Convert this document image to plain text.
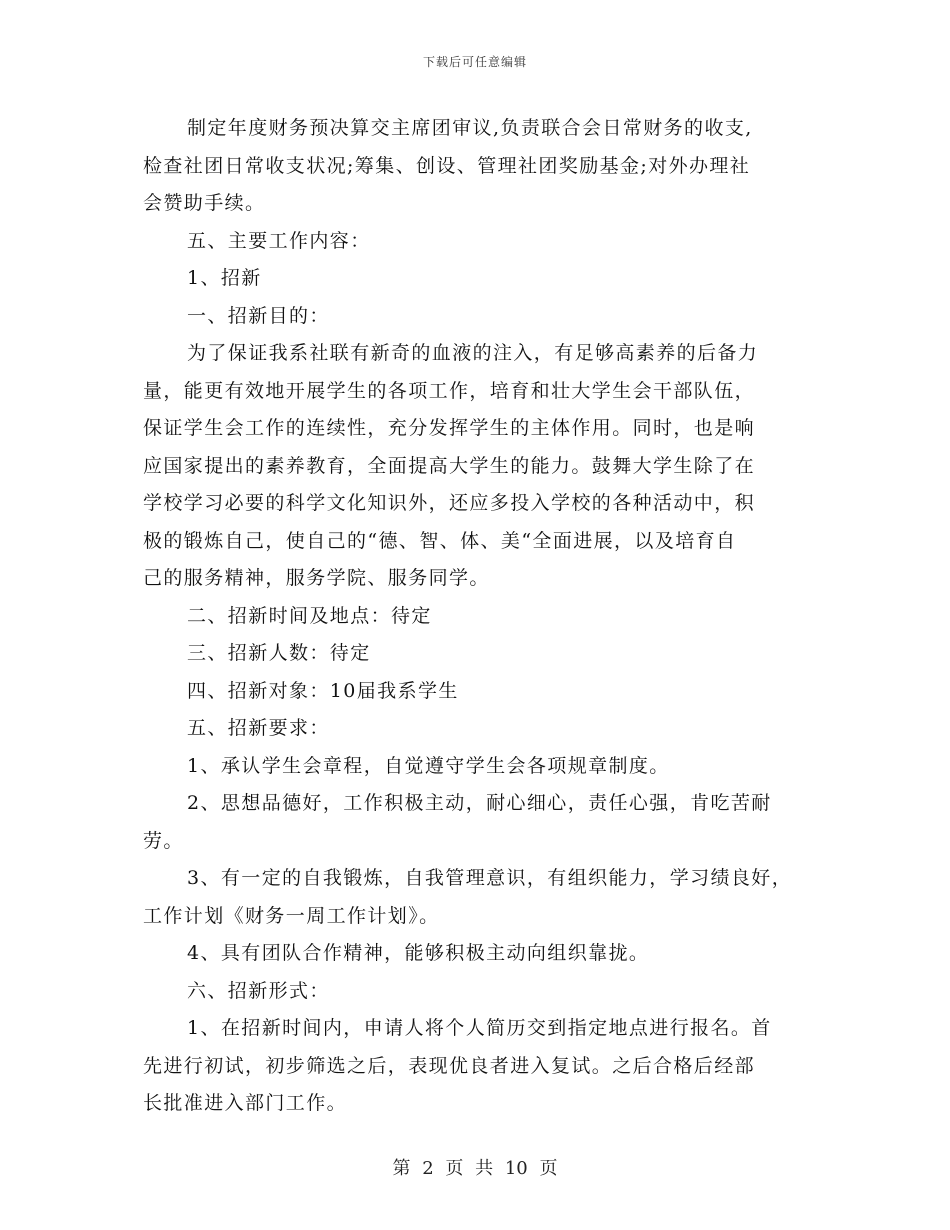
下载后可任意编辑
制定年度财务预决算交主席团审议,负责联合会日常财务的收支,
检查社团日常收支状况;筹集、创设、管理社团奖励基金;对外办理社
会赞助手续。
五、主要工作内容：
1、招新
一、招新目的：
为了保证我系社联有新奇的血液的注入，有足够高素养的后备力
量，能更有效地开展学生的各项工作，培育和壮大学生会干部队伍，
保证学生会工作的连续性，充分发挥学生的主体作用。同时，也是响
应国家提出的素养教育，全面提高大学生的能力。鼓舞大学生除了在
学校学习必要的科学文化知识外，还应多投入学校的各种活动中，积
极的锻炼自己，使自己的“德、智、体、美“全面进展，以及培育自
己的服务精神，服务学院、服务同学。
二、招新时间及地点：待定
三、招新人数：待定
四、招新对象：10届我系学生
五、招新要求：
1、承认学生会章程，自觉遵守学生会各项规章制度。
2、思想品德好，工作积极主动，耐心细心，责任心强，肯吃苦耐
劳。
3、有一定的自我锻炼，自我管理意识，有组织能力，学习绩良好，
工作计划《财务一周工作计划》。
4、具有团队合作精神，能够积极主动向组织靠拢。
六、招新形式：
1、在招新时间内，申请人将个人简历交到指定地点进行报名。首
先进行初试，初步筛选之后，表现优良者进入复试。之后合格后经部
长批准进入部门工作。
第 2 页 共 10 页
